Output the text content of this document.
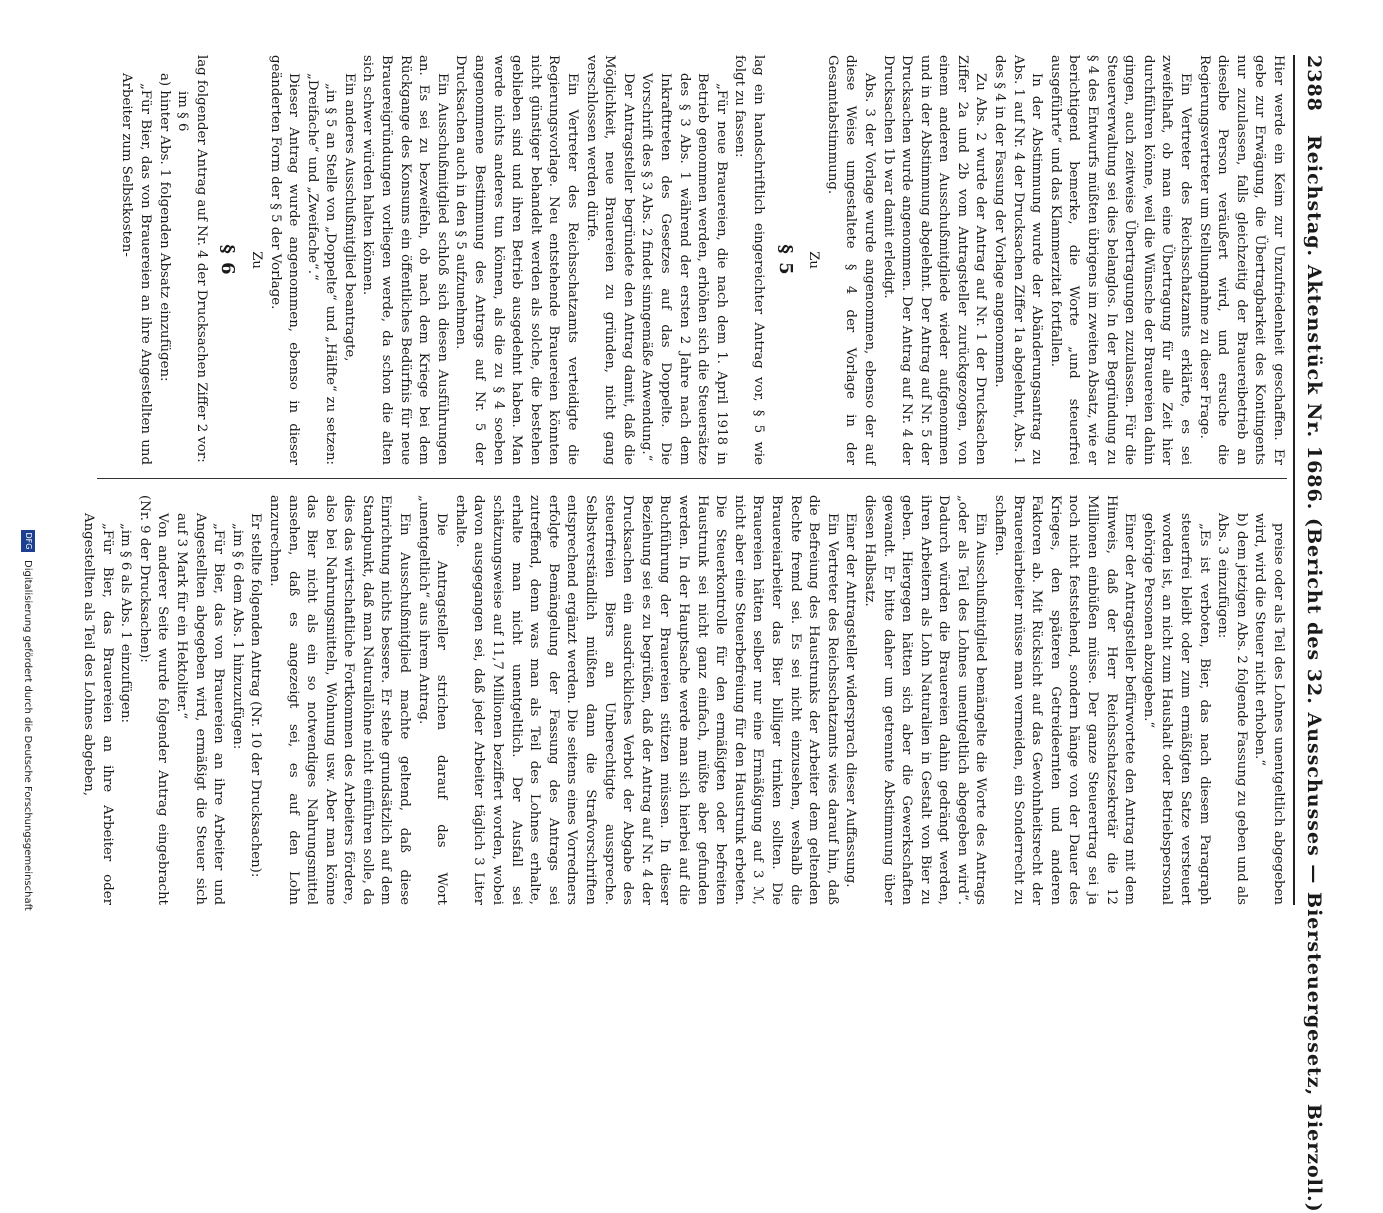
2388
Reichstag. Aktenstück Nr. 1686. (Bericht des 32. Ausschusses — Biersteuergesetz, Bierzoll.)

Hier werde ein Keim zur Unzufriedenheit geschaffen. Er gebe zur Erwägung, die Übertragbarkeit des Kontingents nur zuzulassen, falls gleichzeitig der Brauereibetrieb an dieselbe Person veräußert wird, und ersuche die Regierungsvertreter um Stellungnahme zu dieser Frage.

Ein Vertreter des Reichsschatzamts erklärte, es sei zweifelhaft, ob man eine Übertragung für alle Zeit hier durchführen könne, weil die Wünsche der Brauereien dahin gingen, auch zeitweise Übertragungen zuzulassen. Für die Steuerverwaltung sei dies belanglos. In der Begründung zu § 4 des Entwurfs müßten übrigens im zweiten Absatz, wie er berichtigend bemerke, die Worte „und steuerfrei ausgeführte“ und das Klammerzitat fortfallen.

In der Abstimmung wurde der Abänderungsantrag zu Abs. 1 auf Nr. 4 der Drucksachen Ziffer 1a abgelehnt, Abs. 1 des § 4 in der Fassung der Vorlage angenommen.

Zu Abs. 2 wurde der Antrag auf Nr. 1 der Drucksachen Ziffer 2a und 2b vom Antragsteller zurückgezogen, von einem anderen Ausschußmitgliede wieder aufgenommen und in der Abstimmung abgelehnt. Der Antrag auf Nr. 5 der Drucksachen wurde angenommen. Der Antrag auf Nr. 4 der Drucksachen 1b war damit erledigt.

Abs. 3 der Vorlage wurde angenommen, ebenso der auf diese Weise umgestaltete § 4 der Vorlage in der Gesamtabstimmung.

Zu

§ 5

lag ein handschriftlich eingereichter Antrag vor, § 5 wie folgt zu fassen:

„Für neue Brauereien, die nach dem 1. April 1918 in Betrieb genommen werden, erhöhen sich die Steuersätze des § 3 Abs. 1 während der ersten 2 Jahre nach dem Inkrafttreten des Gesetzes auf das Doppelte. Die Vorschrift des § 3 Abs. 2 findet sinngemäße Anwendung.“

Der Antragsteller begründete den Antrag damit, daß die Möglichkeit, neue Brauereien zu gründen, nicht gang verschlossen werden dürfe.

Ein Vertreter des Reichsschatzamts verteidigte die Regierungsvorlage. Neu entstehende Brauereien könnten nicht günstiger behandelt werden als solche, die bestehen geblieben sind und ihren Betrieb ausgedehnt haben. Man werde nichts anderes tun können, als die zu § 4 soeben angenommene Bestimmung des Antrags auf Nr. 5 der Drucksachen auch in den § 5 aufzunehmen.

Ein Ausschußmitglied schloß sich diesen Ausführungen an. Es sei zu bezweifeln, ob nach dem Kriege bei dem Rückgange des Konsums ein öffentliches Bedürfnis für neue Brauereigründungen vorliegen werde, da schon die alten sich schwer würden halten können.

Ein anderes Ausschußmitglied beantragte,

„in § 5 an Stelle von „Doppelte“ und „Hälfte“ zu setzen: „Dreifache“ und „Zweifache“.“

Dieser Antrag wurde angenommen, ebenso in dieser geänderten Form der § 5 der Vorlage.

Zu

§ 6

lag folgender Antrag auf Nr. 4 der Drucksachen Ziffer 2 vor:

im § 6

a) hinter Abs. 1 folgenden Absatz einzufügen:

„Für Bier, das von Brauereien an ihre Angestellten und Arbeiter zum Selbstkosten-

preise oder als Teil des Lohnes unentgeltlich abgegeben wird, wird die Steuer nicht erhoben.“

b) dem jetzigen Abs. 2 folgende Fassung zu geben und als Abs. 3 einzufügen:

„Es ist verboten, Bier, das nach diesem Paragraph steuerfrei bleibt oder zum ermäßigten Satze versteuert worden ist, an nicht zum Haushalt oder Betriebspersonal gehörige Personen abzugeben.“

Einer der Antragsteller befürwortete den Antrag mit dem Hinweis, daß der Herr Reichsschatzsekretär die 12 Millionen einbüßen müsse. Der ganze Steuerertrag sei ja noch nicht feststehend, sondern hänge von der Dauer des Krieges, den späteren Getreideernten und anderen Faktoren ab. Mit Rücksicht auf das Gewohnheitsrecht der Brauereiarbeiter müsse man vermeiden, ein Sonderrecht zu schaffen.

Ein Ausschußmitglied bemängelte die Worte des Antrags „oder als Teil des Lohnes unentgeltlich abgegeben wird“. Dadurch würden die Brauereien dahin gedrängt werden, ihren Arbeitern als Lohn Naturalien in Gestalt von Bier zu geben. Hiergegen hätten sich aber die Gewerkschaften gewandt. Er bitte daher um getrennte Abstimmung über diesen Halbsatz.

Einer der Antragsteller widersprach dieser Auffassung.

Ein Vertreter des Reichsschatzamts wies darauf hin, daß die Befreiung des Haustrunks der Arbeiter dem geltenden Rechte fremd sei. Es sei nicht einzusehen, weshalb die Brauereiarbeiter das Bier billiger trinken sollten. Die Brauereien hätten selber nur eine Ermäßigung auf 3 ℳ, nicht aber eine Steuerbefreiung für den Haustrunk erbeten. Die Steuerkontrolle für den ermäßigten oder befreiten Haustrunk sei nicht ganz einfach, müßte aber gefunden werden. In der Hauptsache werde man sich hierbei auf die Buchführung der Brauereien stützen müssen. In dieser Beziehung sei es zu begrüßen, daß der Antrag auf Nr. 4 der Drucksachen ein ausdrückliches Verbot der Abgabe des steuerfreien Biers an Unberechtigte ausspreche. Selbstverständlich müßten dann die Strafvorschriften entsprechend ergänzt werden. Die seitens eines Vorredners erfolgte Bemängelung der Fassung des Antrags sei zutreffend, denn was man als Teil des Lohnes erhalte, erhalte man nicht unentgeltlich. Der Ausfall sei schätzungsweise auf 11,7 Millionen beziffert worden, wobei davon ausgegangen sei, daß jeder Arbeiter täglich 3 Liter erhalte.

Die Antragsteller strichen darauf das Wort „unentgeltlich“ aus ihrem Antrag.

Ein Ausschußmitglied machte geltend, daß diese Einrichtung nichts bessere. Er stehe grundsätzlich auf dem Standpunkt, daß man Naturallöhne nicht einführen solle, da dies das wirtschaftliche Fortkommen des Arbeiters fördere, also bei Nahrungsmitteln, Wohnung usw. Aber man könne das Bier nicht als ein so notwendiges Nahrungsmittel ansehen, daß es angezeigt sei, es auf den Lohn anzurechnen.

Er stellte folgenden Antrag (Nr. 10 der Drucksachen):

„im § 6 dem Abs. 1 hinzuzufügen:

„Für Bier, das von Brauereien an ihre Arbeiter und Angestellten abgegeben wird, ermäßigt die Steuer sich auf 3 Mark für ein Hektoliter.“

Von anderer Seite wurde folgender Antrag eingebracht (Nr. 9 der Drucksachen):

„im § 6 als Abs. 1 einzufügen:

„Für Bier, das Brauereien an ihre Arbeiter oder Angestellten als Teil des Lohnes abgeben,

DFG
Digitalisierung gefördert durch die Deutsche Forschungsgemeinschaft
